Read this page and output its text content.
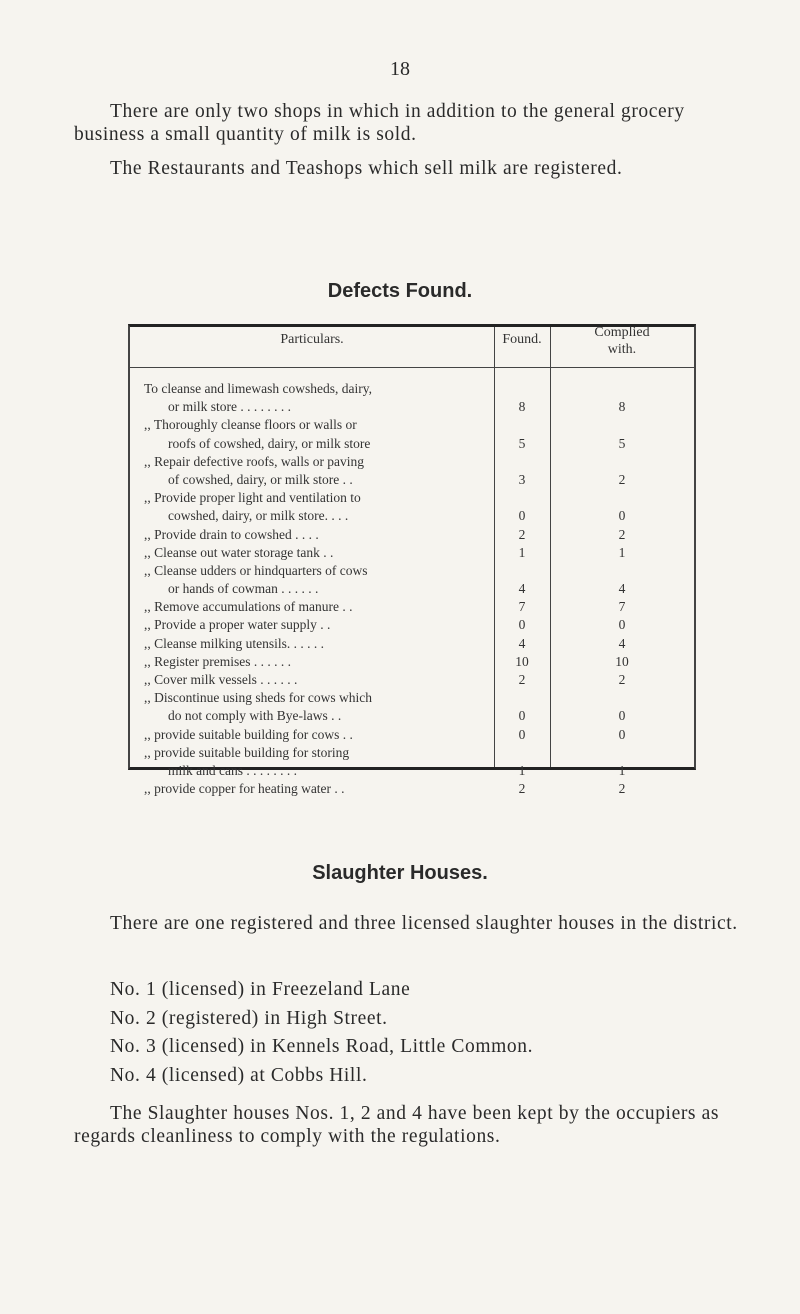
18

There are only two shops in which in addition to the general grocery business a small quantity of milk is sold.

The Restaurants and Teashops which sell milk are registered.

Defects Found.
Particulars.	Found.	Complied with.
To cleanse and limewash cowsheds, dairy,
or milk store . . . . . . . .	8	8
,, Thoroughly cleanse floors or walls or
roofs of cowshed, dairy, or milk store	5	5
,, Repair defective roofs, walls or paving
of cowshed, dairy, or milk store . .	3	2
,, Provide proper light and ventilation to
cowshed, dairy, or milk store. . . .	0	0
,, Provide drain to cowshed . . . .	2	2
,, Cleanse out water storage tank . .	1	1
,, Cleanse udders or hindquarters of cows
or hands of cowman . . . . . .	4	4
,, Remove accumulations of manure . .	7	7
,, Provide a proper water supply . .	0	0
,, Cleanse milking utensils. . . . . .	4	4
,, Register premises . . . . . .	10	10
,, Cover milk vessels . . . . . .	2	2
,, Discontinue using sheds for cows which
do not comply with Bye-laws . .	0	0
,, provide suitable building for cows . .	0	0
,, provide suitable building for storing
milk and cans . . . . . . . .	1	1
,, provide copper for heating water . .	2	2
Slaughter Houses.

There are one registered and three licensed slaughter houses in the district.

No. 1 (licensed) in Freezeland Lane
No. 2 (registered) in High Street.
No. 3 (licensed) in Kennels Road, Little Common.
No. 4 (licensed) at Cobbs Hill.

The Slaughter houses Nos. 1, 2 and 4 have been kept by the occupiers as regards cleanliness to comply with the regulations.
